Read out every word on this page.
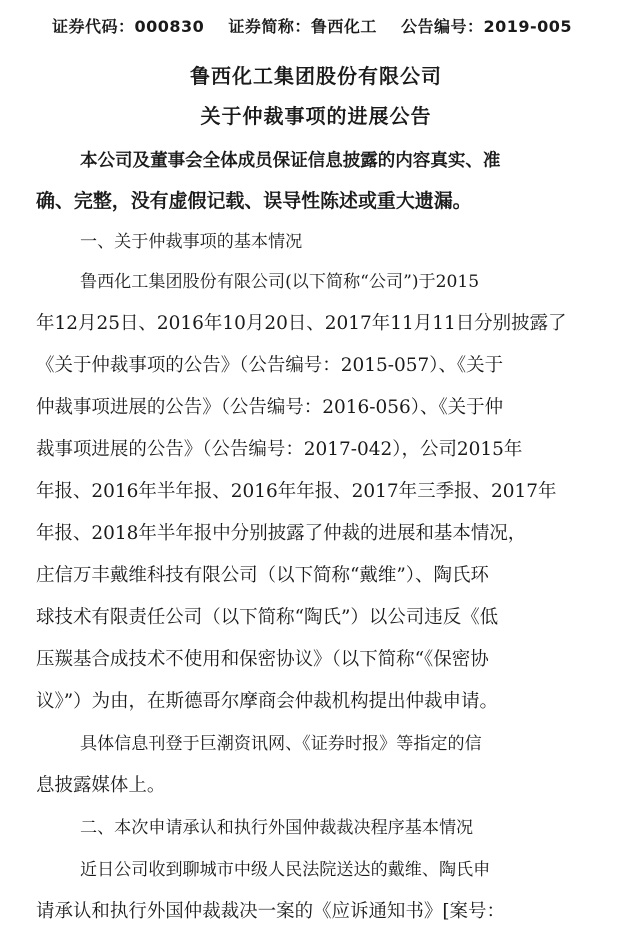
证券代码：000830 证券简称：鲁西化工 公告编号：2019-005
鲁西化工集团股份有限公司
关于仲裁事项的进展公告
本公司及董事会全体成员保证信息披露的内容真实、准
确、完整，没有虚假记载、误导性陈述或重大遗漏。
一、关于仲裁事项的基本情况
鲁西化工集团股份有限公司(以下简称“公司”)于2015
年12月25日、2016年10月20日、2017年11月11日分别披露了
《关于仲裁事项的公告》（公告编号：2015-057）、《关于
仲裁事项进展的公告》（公告编号：2016-056）、《关于仲
裁事项进展的公告》（公告编号：2017-042），公司2015年
年报、2016年半年报、2016年年报、2017年三季报、2017年
年报、2018年半年报中分别披露了仲裁的进展和基本情况，
庄信万丰戴维科技有限公司（以下简称“戴维”）、陶氏环
球技术有限责任公司（以下简称“陶氏”）以公司违反《低
压羰基合成技术不使用和保密协议》（以下简称“《保密协
议》”）为由，在斯德哥尔摩商会仲裁机构提出仲裁申请。
具体信息刊登于巨潮资讯网、《证券时报》等指定的信
息披露媒体上。
二、本次申请承认和执行外国仲裁裁决程序基本情况
近日公司收到聊城市中级人民法院送达的戴维、陶氏申
请承认和执行外国仲裁裁决一案的《应诉通知书》[案号：
